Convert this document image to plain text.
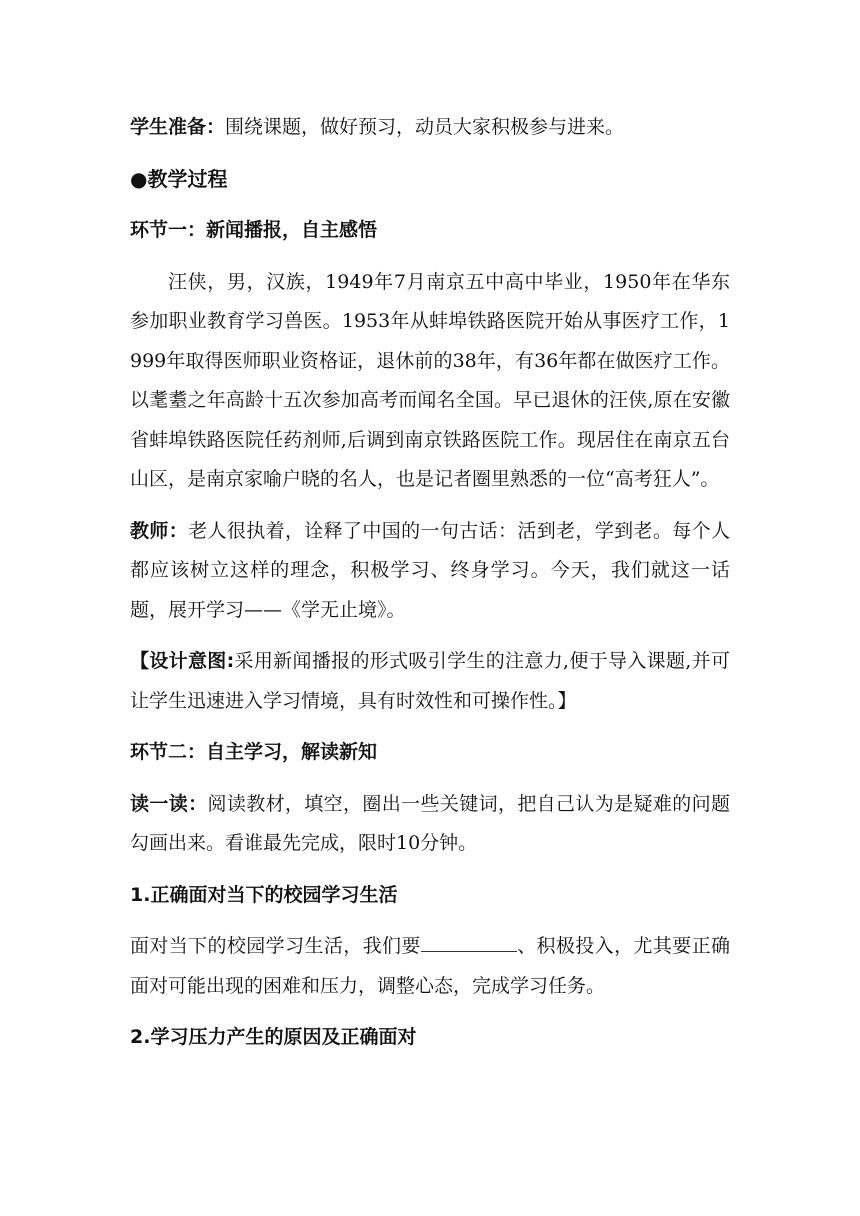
学生准备：围绕课题，做好预习，动员大家积极参与进来。

●教学过程
环节一：新闻播报，自主感悟

汪侠，男，汉族，1949年7月南京五中高中毕业，1950年在华东参加职业教育学习兽医。1953年从蚌埠铁路医院开始从事医疗工作，1999年取得医师职业资格证，退休前的38年，有36年都在做医疗工作。以耄耋之年高龄十五次参加高考而闻名全国。早已退休的汪侠,原在安徽省蚌埠铁路医院任药剂师,后调到南京铁路医院工作。现居住在南京五台山区，是南京家喻户晓的名人，也是记者圈里熟悉的一位“高考狂人”。

教师：老人很执着，诠释了中国的一句古话：活到老，学到老。每个人都应该树立这样的理念，积极学习、终身学习。今天，我们就这一话题，展开学习——《学无止境》。

【设计意图:采用新闻播报的形式吸引学生的注意力,便于导入课题,并可让学生迅速进入学习情境，具有时效性和可操作性。】

环节二：自主学习，解读新知

读一读：阅读教材，填空，圈出一些关键词，把自己认为是疑难的问题勾画出来。看谁最先完成，限时10分钟。

1.正确面对当下的校园学习生活

面对当下的校园学习生活，我们要	、积极投入，尤其要正确面对可能出现的困难和压力，调整心态，完成学习任务。

2.学习压力产生的原因及正确面对
